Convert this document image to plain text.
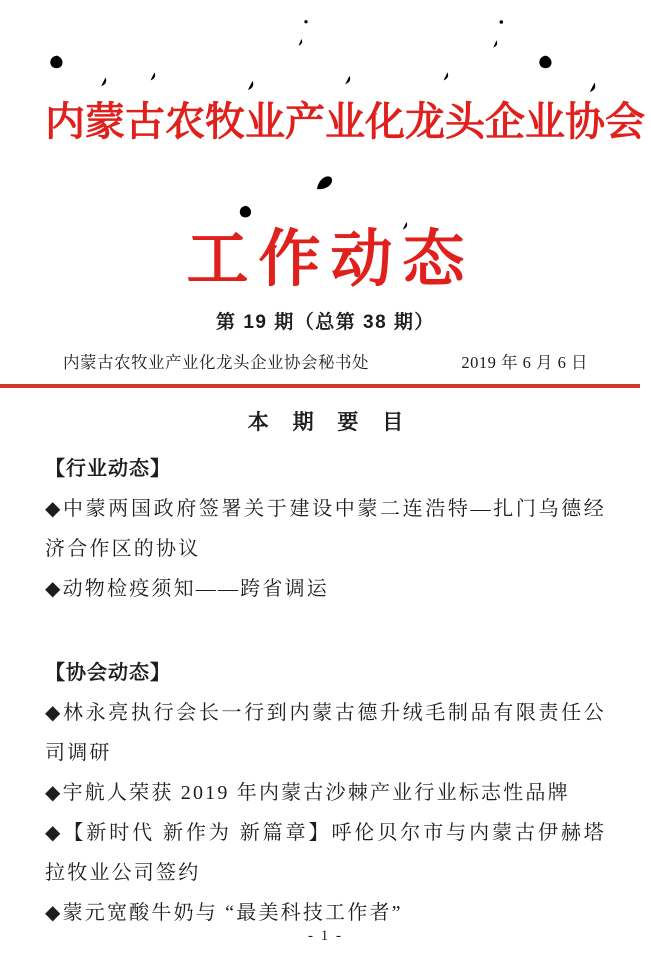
内蒙古农牧业产业化龙头企业协会
工作动态
第 19 期（总第 38 期）
内蒙古农牧业产业化龙头企业协会秘书处	2019 年 6 月 6 日
本 期 要 目
【行业动态】

◆中蒙两国政府签署关于建设中蒙二连浩特—扎门乌德经济合作区的协议

◆动物检疫须知——跨省调运

【协会动态】

◆林永亮执行会长一行到内蒙古德升绒毛制品有限责任公司调研

◆宇航人荣获 2019 年内蒙古沙棘产业行业标志性品牌

◆【新时代 新作为 新篇章】呼伦贝尔市与内蒙古伊赫塔拉牧业公司签约

◆蒙元宽酸牛奶与 “最美科技工作者”

- 1 -
